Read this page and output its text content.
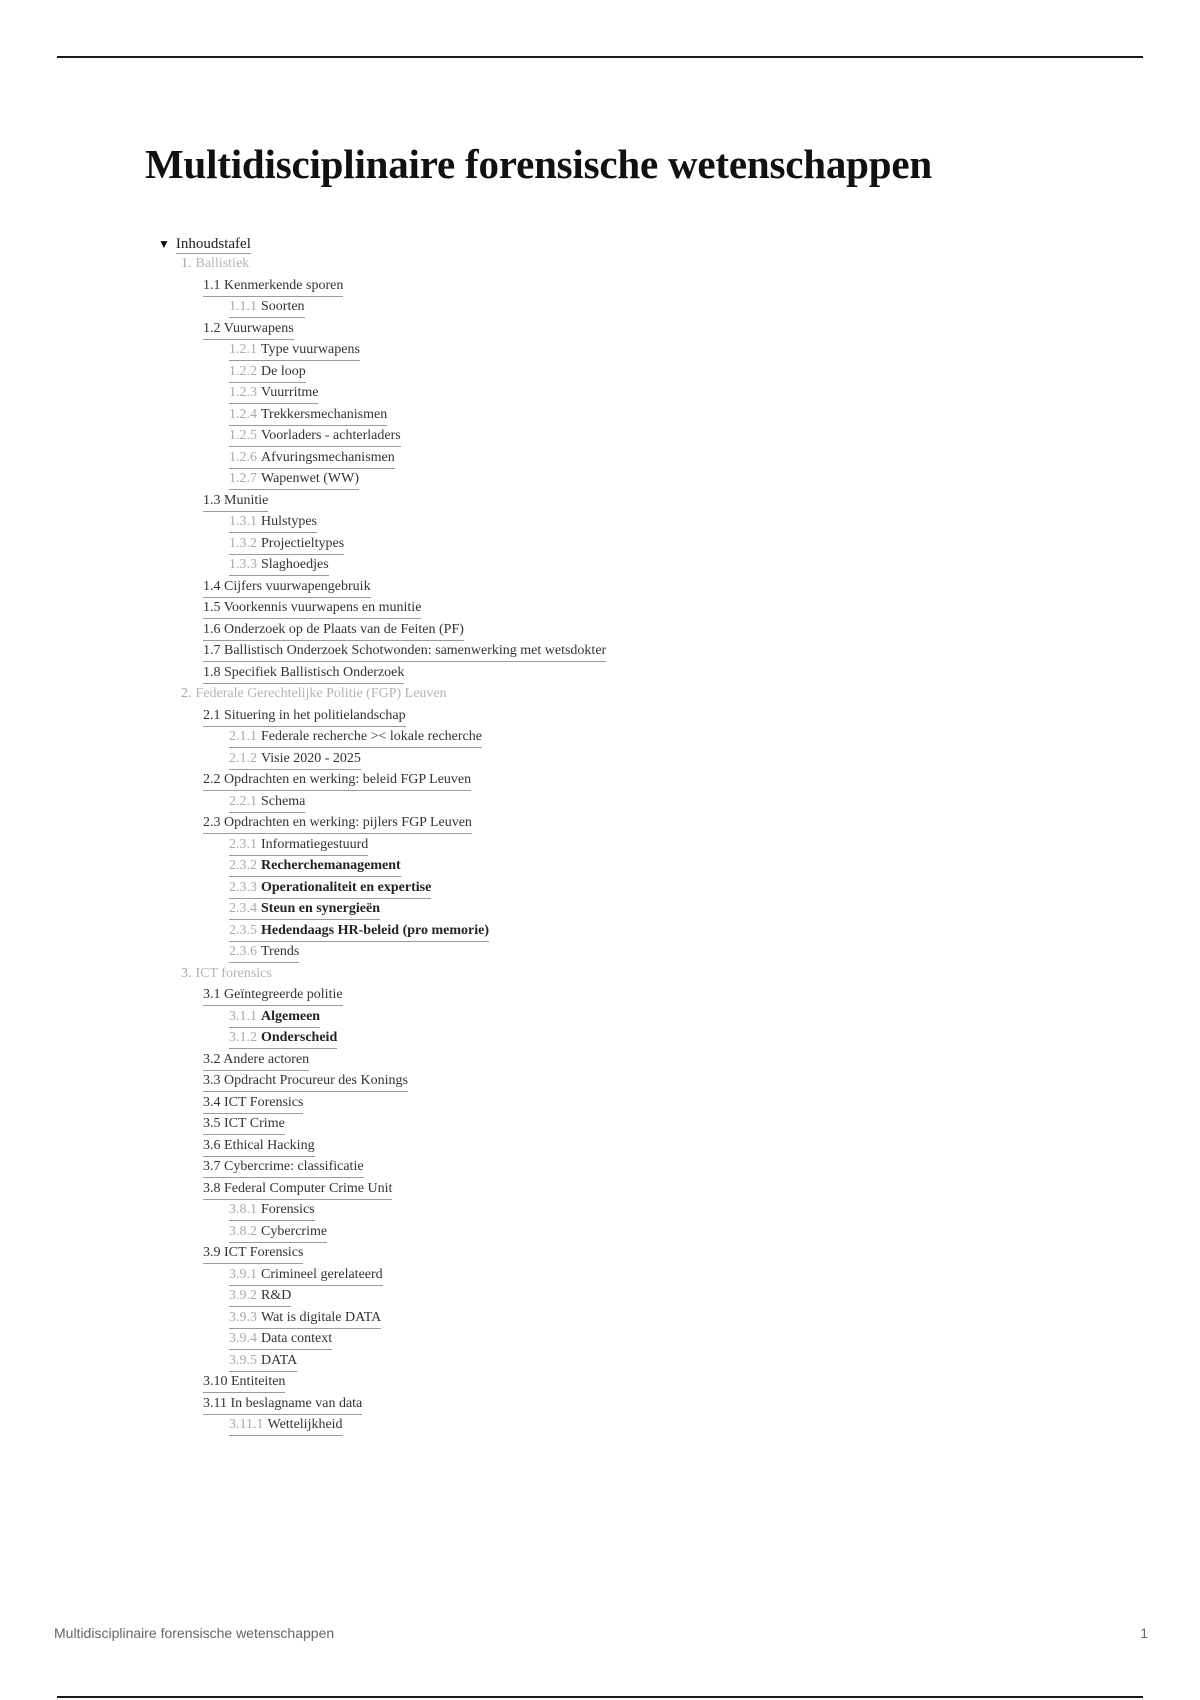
Multidisciplinaire forensische wetenschappen
▼ Inhoudstafel
1. Ballistiek
1.1 Kenmerkende sporen
1.1.1 Soorten
1.2 Vuurwapens
1.2.1 Type vuurwapens
1.2.2 De loop
1.2.3 Vuurritme
1.2.4 Trekkersmechanismen
1.2.5 Voorladers - achterladers
1.2.6 Afvuringsmechanismen
1.2.7 Wapenwet (WW)
1.3 Munitie
1.3.1 Hulstypes
1.3.2 Projectieltypes
1.3.3 Slaghoedjes
1.4 Cijfers vuurwapengebruik
1.5 Voorkennis vuurwapens en munitie
1.6 Onderzoek op de Plaats van de Feiten (PF)
1.7 Ballistisch Onderzoek Schotwonden: samenwerking met wetsdokter
1.8 Specifiek Ballistisch Onderzoek
2. Federale Gerechtelijke Politie (FGP) Leuven
2.1 Situering in het politielandschap
2.1.1 Federale recherche >< lokale recherche
2.1.2 Visie 2020 - 2025
2.2 Opdrachten en werking: beleid FGP Leuven
2.2.1 Schema
2.3 Opdrachten en werking: pijlers FGP Leuven
2.3.1 Informatiegestuurd
2.3.2 Recherchemanagement
2.3.3 Operationaliteit en expertise
2.3.4 Steun en synergieën
2.3.5 Hedendaags HR-beleid (pro memorie)
2.3.6 Trends
3. ICT forensics
3.1 Geïntegreerde politie
3.1.1 Algemeen
3.1.2 Onderscheid
3.2 Andere actoren
3.3 Opdracht Procureur des Konings
3.4 ICT Forensics
3.5 ICT Crime
3.6 Ethical Hacking
3.7 Cybercrime: classificatie
3.8 Federal Computer Crime Unit
3.8.1 Forensics
3.8.2 Cybercrime
3.9 ICT Forensics
3.9.1 Crimineel gerelateerd
3.9.2 R&D
3.9.3 Wat is digitale DATA
3.9.4 Data context
3.9.5 DATA
3.10 Entiteiten
3.11 In beslagname van data
3.11.1 Wettelijkheid
Multidisciplinaire forensische wetenschappen	1
